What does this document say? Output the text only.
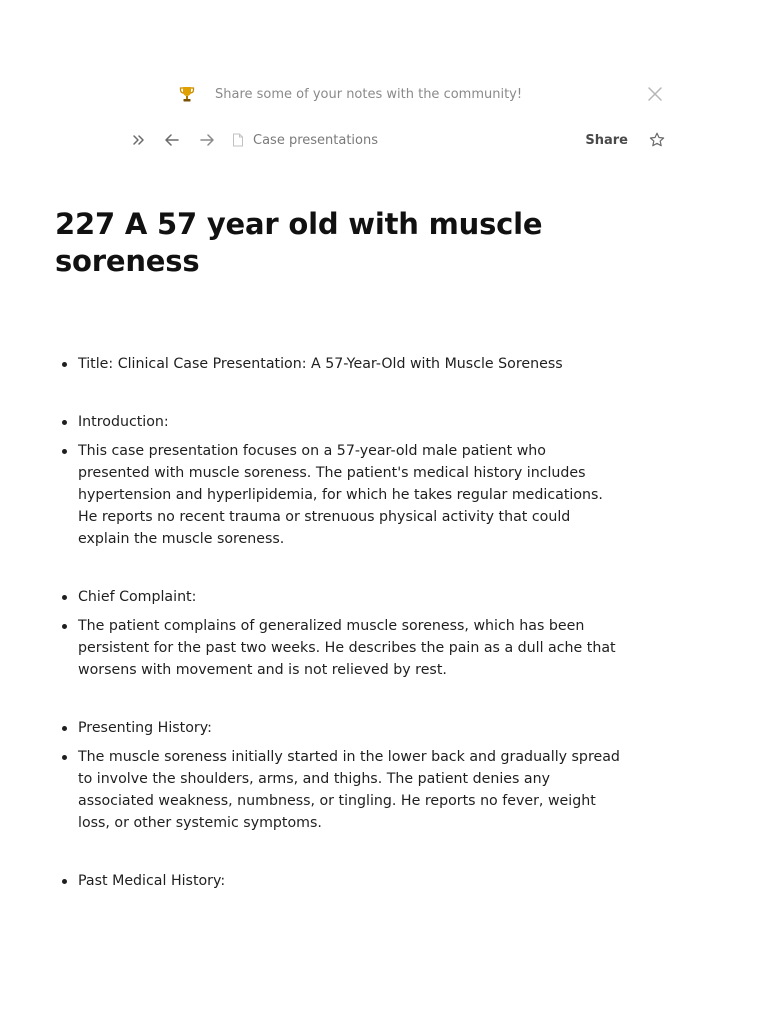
Share some of your notes with the community!
Case presentations	Share
227 A 57 year old with muscle soreness
Title: Clinical Case Presentation: A 57-Year-Old with Muscle Soreness
Introduction:
This case presentation focuses on a 57-year-old male patient who presented with muscle soreness. The patient's medical history includes hypertension and hyperlipidemia, for which he takes regular medications. He reports no recent trauma or strenuous physical activity that could explain the muscle soreness.
Chief Complaint:
The patient complains of generalized muscle soreness, which has been persistent for the past two weeks. He describes the pain as a dull ache that worsens with movement and is not relieved by rest.
Presenting History:
The muscle soreness initially started in the lower back and gradually spread to involve the shoulders, arms, and thighs. The patient denies any associated weakness, numbness, or tingling. He reports no fever, weight loss, or other systemic symptoms.
Past Medical History:
